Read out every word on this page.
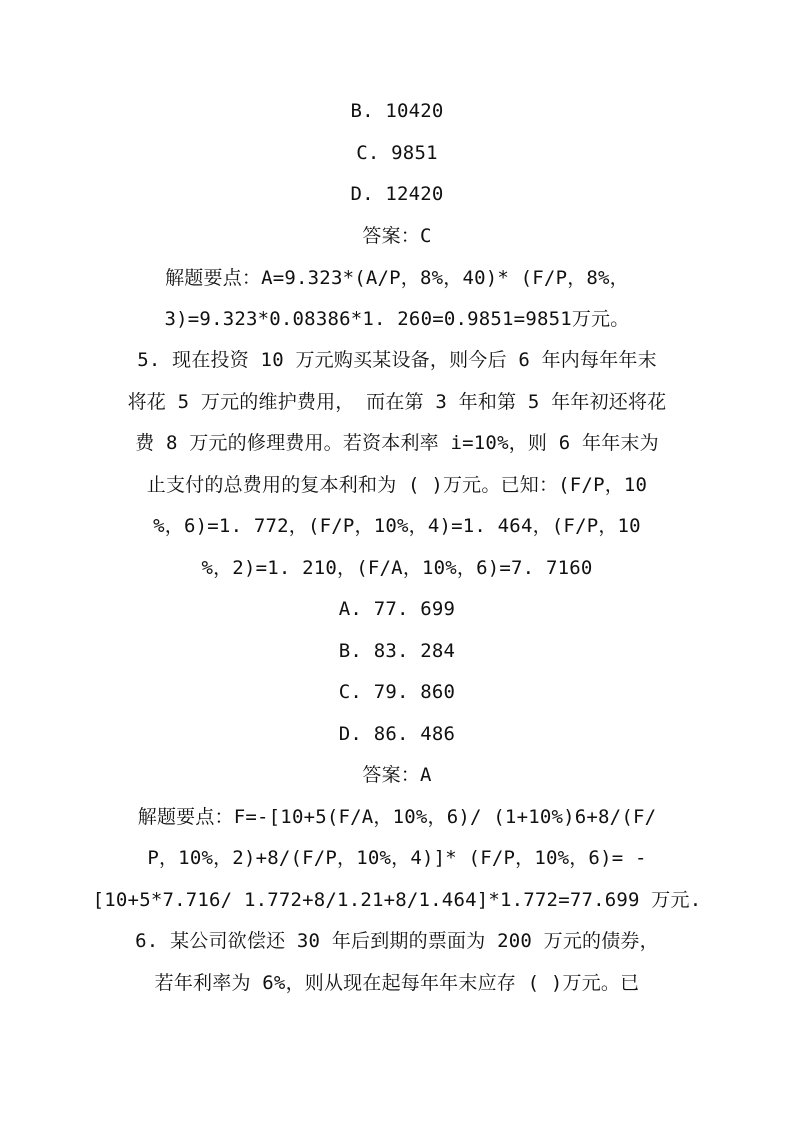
B. 10420
C. 9851
D. 12420
答案：C
解题要点：A=9.323*(A/P，8%，40)* (F/P，8%，
3)=9.323*0.08386*1. 260=0.9851=9851万元。
5. 现在投资 10 万元购买某设备，则今后 6 年内每年年末
将花 5 万元的维护费用， 而在第 3 年和第 5 年年初还将花
费 8 万元的修理费用。若资本利率 i=10%，则 6 年年末为
止支付的总费用的复本利和为 ( )万元。已知：(F/P，10
%，6)=1. 772，(F/P，10%，4)=1. 464，(F/P，10
%，2)=1. 210，(F/A，10%，6)=7. 7160
A. 77. 699
B. 83. 284
C. 79. 860
D. 86. 486
答案：A
解题要点：F=-[10+5(F/A，10%，6)/ (1+10%)6+8/(F/
P，10%，2)+8/(F/P，10%，4)]* (F/P，10%，6)= -
[10+5*7.716/ 1.772+8/1.21+8/1.464]*1.772=77.699 万元.
6. 某公司欲偿还 30 年后到期的票面为 200 万元的债券，
若年利率为 6%，则从现在起每年年末应存 ( )万元。已
